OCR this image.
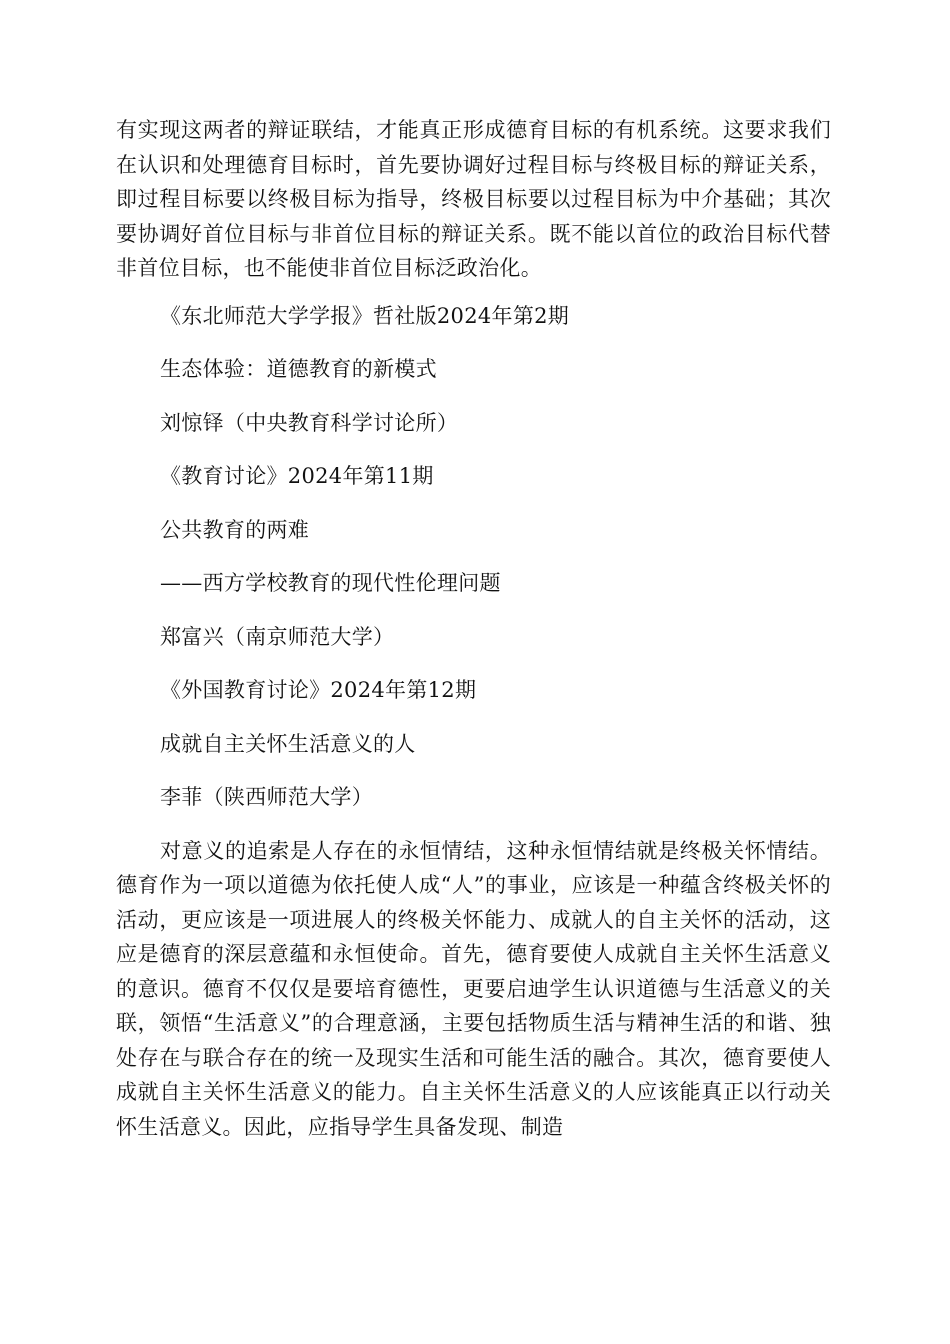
有实现这两者的辩证联结，才能真正形成德育目标的有机系统。这要求我们在认识和处理德育目标时，首先要协调好过程目标与终极目标的辩证关系，即过程目标要以终极目标为指导，终极目标要以过程目标为中介基础；其次要协调好首位目标与非首位目标的辩证关系。既不能以首位的政治目标代替非首位目标，也不能使非首位目标泛政治化。

《东北师范大学学报》哲社版2024年第2期

生态体验：道德教育的新模式

刘惊铎（中央教育科学讨论所）

《教育讨论》2024年第11期

公共教育的两难

——西方学校教育的现代性伦理问题

郑富兴（南京师范大学）

《外国教育讨论》2024年第12期

成就自主关怀生活意义的人

李菲（陕西师范大学）

对意义的追索是人存在的永恒情结，这种永恒情结就是终极关怀情结。德育作为一项以道德为依托使人成“人”的事业，应该是一种蕴含终极关怀的活动，更应该是一项进展人的终极关怀能力、成就人的自主关怀的活动，这应是德育的深层意蕴和永恒使命。首先，德育要使人成就自主关怀生活意义的意识。德育不仅仅是要培育德性，更要启迪学生认识道德与生活意义的关联，领悟“生活意义”的合理意涵，主要包括物质生活与精神生活的和谐、独处存在与联合存在的统一及现实生活和可能生活的融合。其次，德育要使人成就自主关怀生活意义的能力。自主关怀生活意义的人应该能真正以行动关怀生活意义。因此，应指导学生具备发现、制造
